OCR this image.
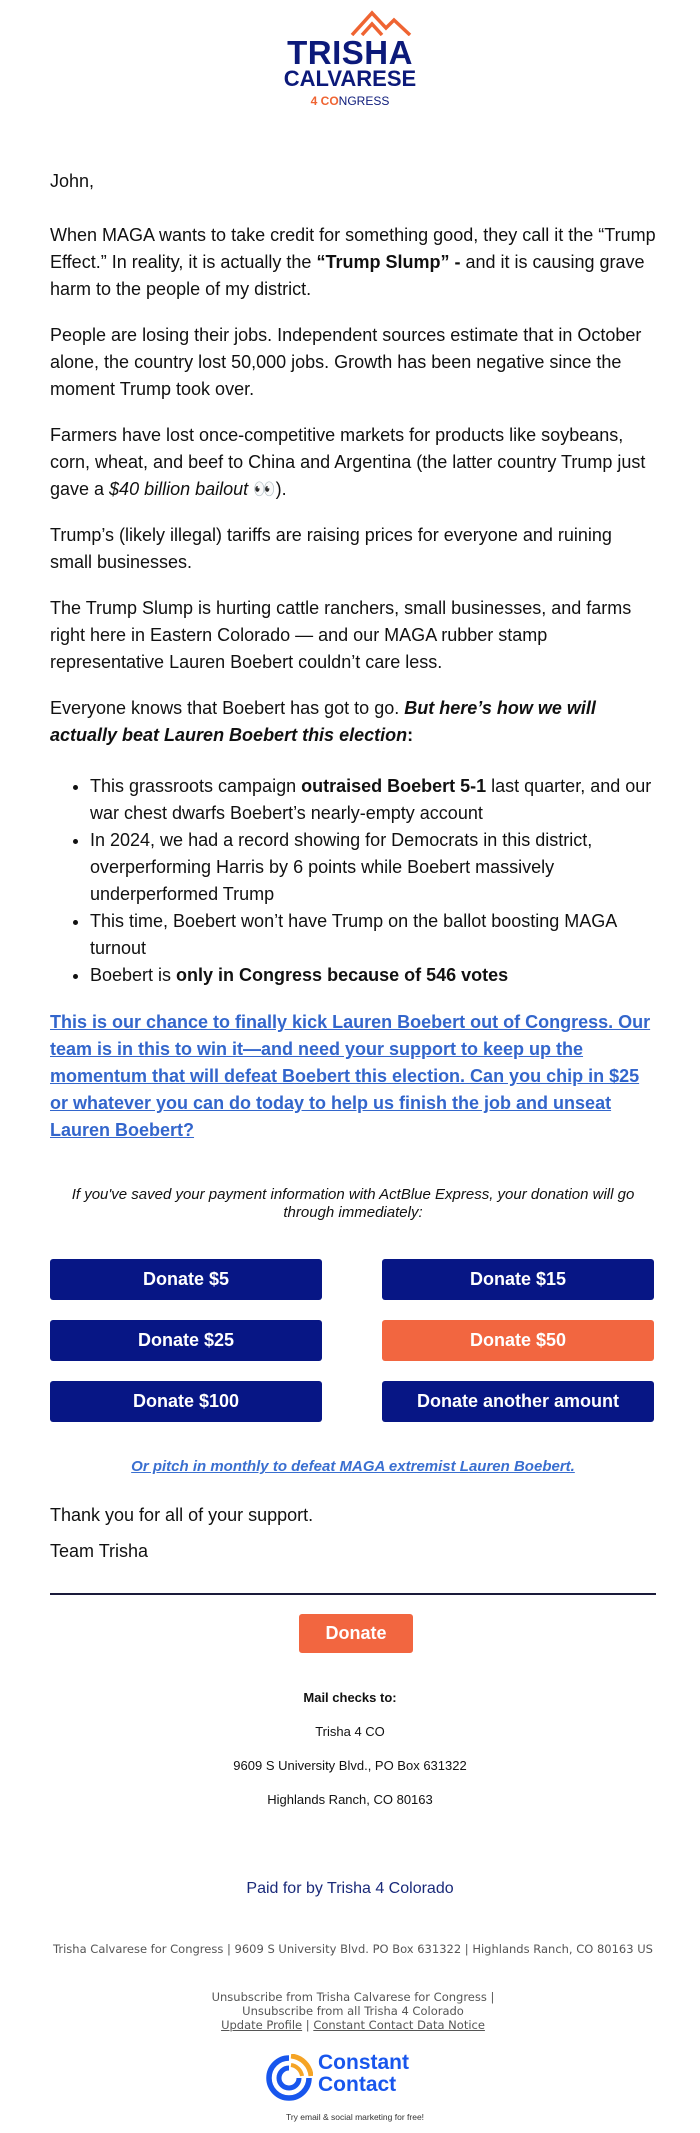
TRISHA
CALVARESE
4 CONGRESS

John,

When MAGA wants to take credit for something good, they call it the “Trump Effect.” In reality, it is actually the “Trump Slump” - and it is causing grave harm to the people of my district.

People are losing their jobs. Independent sources estimate that in October alone, the country lost 50,000 jobs. Growth has been negative since the moment Trump took over.

Farmers have lost once-competitive markets for products like soybeans, corn, wheat, and beef to China and Argentina (the latter country Trump just gave a $40 billion bailout 👀).

Trump’s (likely illegal) tariffs are raising prices for everyone and ruining small businesses.

The Trump Slump is hurting cattle ranchers, small businesses, and farms right here in Eastern Colorado — and our MAGA rubber stamp representative Lauren Boebert couldn’t care less.

Everyone knows that Boebert has got to go. But here’s how we will actually beat Lauren Boebert this election:

• This grassroots campaign outraised Boebert 5-1 last quarter, and our war chest dwarfs Boebert’s nearly-empty account
• In 2024, we had a record showing for Democrats in this district, overperforming Harris by 6 points while Boebert massively underperformed Trump
• This time, Boebert won’t have Trump on the ballot boosting MAGA turnout
• Boebert is only in Congress because of 546 votes
This is our chance to finally kick Lauren Boebert out of Congress. Our team is in this to win it—and need your support to keep up the momentum that will defeat Boebert this election. Can you chip in $25 or whatever you can do today to help us finish the job and unseat Lauren Boebert?
If you've saved your payment information with ActBlue Express, your donation will go through immediately:
Donate $5	Donate $15
Donate $25	Donate $50
Donate $100	Donate another amount
Or pitch in monthly to defeat MAGA extremist Lauren Boebert.
Thank you for all of your support.
Team Trisha
Donate
Mail checks to:
Trisha 4 CO
9609 S University Blvd., PO Box 631322
Highlands Ranch, CO 80163
Paid for by Trisha 4 Colorado
Trisha Calvarese for Congress | 9609 S University Blvd. PO Box 631322 | Highlands Ranch, CO 80163 US
Unsubscribe from Trisha Calvarese for Congress |
Unsubscribe from all Trisha 4 Colorado
Update Profile | Constant Contact Data Notice
Constant
Contact
Try email & social marketing for free!
